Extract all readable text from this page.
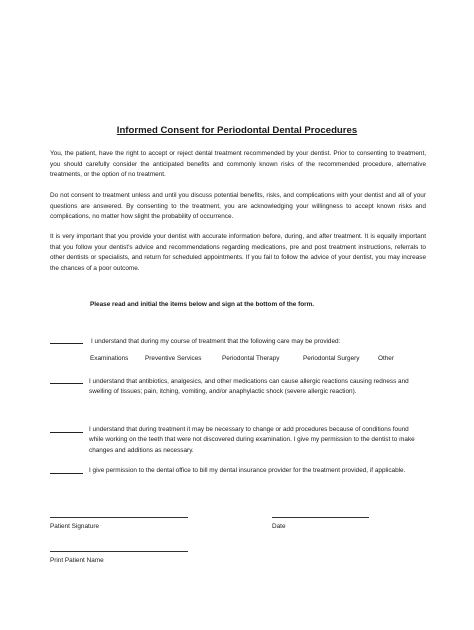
Informed Consent for Periodontal Dental Procedures

You, the patient, have the right to accept or reject dental treatment recommended by your dentist. Prior to consenting to treatment, you should carefully consider the anticipated benefits and commonly known risks of the recommended procedure, alternative treatments, or the option of no treatment.

Do not consent to treatment unless and until you discuss potential benefits, risks, and complications with your dentist and all of your questions are answered. By consenting to the treatment, you are acknowledging your willingness to accept known risks and complications, no matter how slight the probability of occurrence.

It is very important that you provide your dentist with accurate information before, during, and after treatment. It is equally important that you follow your dentist’s advice and recommendations regarding medications, pre and post treatment instructions, referrals to other dentists or specialists, and return for scheduled appointments. If you fail to follow the advice of your dentist, you may increase the chances of a poor outcome.

Please read and initial the items below and sign at the bottom of the form.

I understand that during my course of treatment that the following care may be provided:

Examinations	Preventive Services	Periodontal Therapy	Periodontal Surgery	Other

I understand that antibiotics, analgesics, and other medications can cause allergic reactions causing redness and swelling of tissues; pain, itching, vomiting, and/or anaphylactic shock (severe allergic reaction).

I understand that during treatment it may be necessary to change or add procedures because of conditions found while working on the teeth that were not discovered during examination. I give my permission to the dentist to make changes and additions as necessary.

I give permission to the dental office to bill my dental insurance provider for the treatment provided, if applicable.

Patient Signature	Date
Print Patient Name
